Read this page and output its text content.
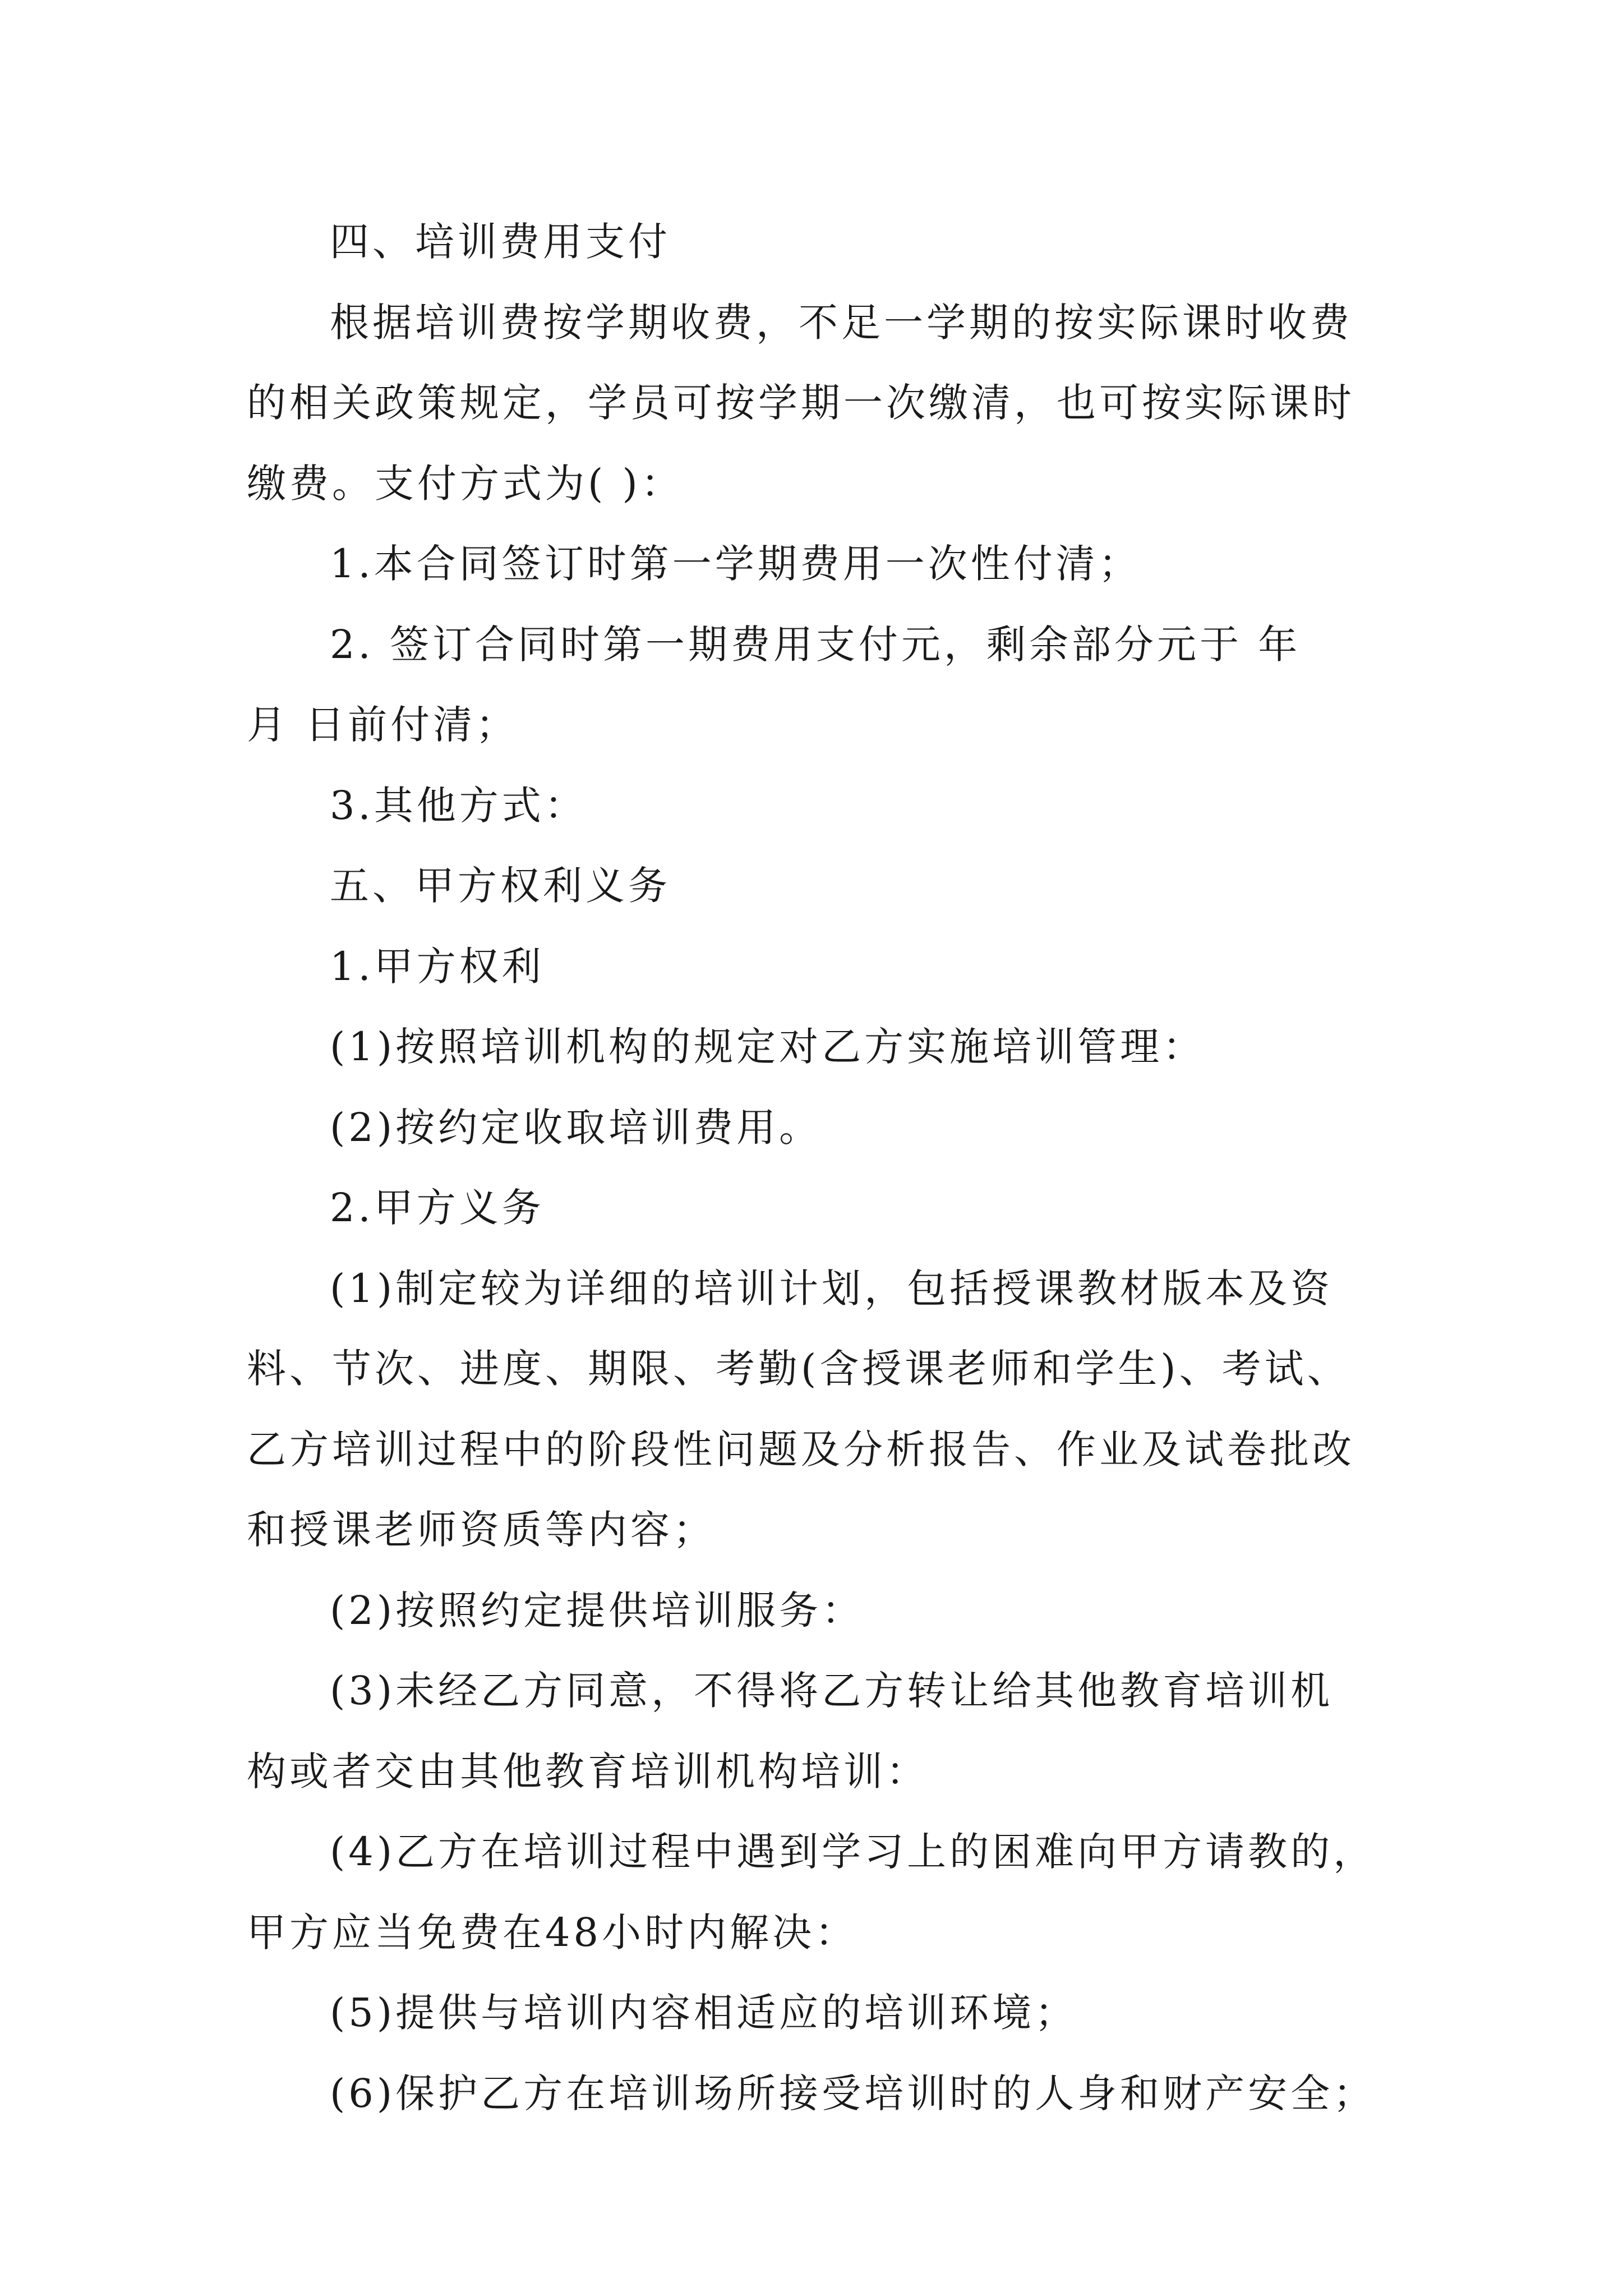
四、培训费用支付

根据培训费按学期收费，不足一学期的按实际课时收费

的相关政策规定，学员可按学期一次缴清，也可按实际课时

缴费。支付方式为( )：

1.本合同签订时第一学期费用一次性付清；

2. 签订合同时第一期费用支付元，剩余部分元于 年

月 日前付清；

3.其他方式：

五、甲方权利义务

1.甲方权利

(1)按照培训机构的规定对乙方实施培训管理：

(2)按约定收取培训费用。

2.甲方义务

(1)制定较为详细的培训计划，包括授课教材版本及资

料、节次、进度、期限、考勤(含授课老师和学生)、考试、

乙方培训过程中的阶段性问题及分析报告、作业及试卷批改

和授课老师资质等内容；

(2)按照约定提供培训服务：

(3)未经乙方同意，不得将乙方转让给其他教育培训机

构或者交由其他教育培训机构培训：

(4)乙方在培训过程中遇到学习上的困难向甲方请教的，

甲方应当免费在48小时内解决：

(5)提供与培训内容相适应的培训环境；

(6)保护乙方在培训场所接受培训时的人身和财产安全；
